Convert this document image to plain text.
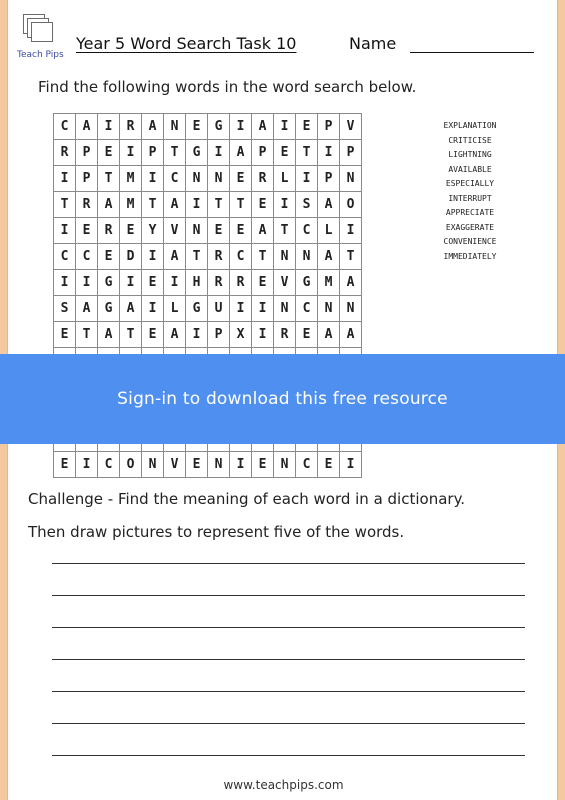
Teach Pips
Year 5 Word Search Task 10	Name
Find the following words in the word search below.
C	A	I	R	A	N	E	G	I	A	I	E	P	V
R	P	E	I	P	T	G	I	A	P	E	T	I	P
I	P	T	M	I	C	N	N	E	R	L	I	P	N
T	R	A	M	T	A	I	T	T	E	I	S	A	O
I	E	R	E	Y	V	N	E	E	A	T	C	L	I
C	C	E	D	I	A	T	R	C	T	N	N	A	T
I	I	G	I	E	I	H	R	R	E	V	G	M	A
S	A	G	A	I	L	G	U	I	I	N	C	N	N
E	T	A	T	E	A	I	P	X	I	R	E	A	A

E	I	C	O	N	V	E	N	I	E	N	C	E	I
EXPLANATION
CRITICISE
LIGHTNING
AVAILABLE
ESPECIALLY
INTERRUPT
APPRECIATE
EXAGGERATE
CONVENIENCE
IMMEDIATELY
Challenge - Find the meaning of each word in a dictionary.
Then draw pictures to represent five of the words.
www.teachpips.com
Sign-in to download this free resource
